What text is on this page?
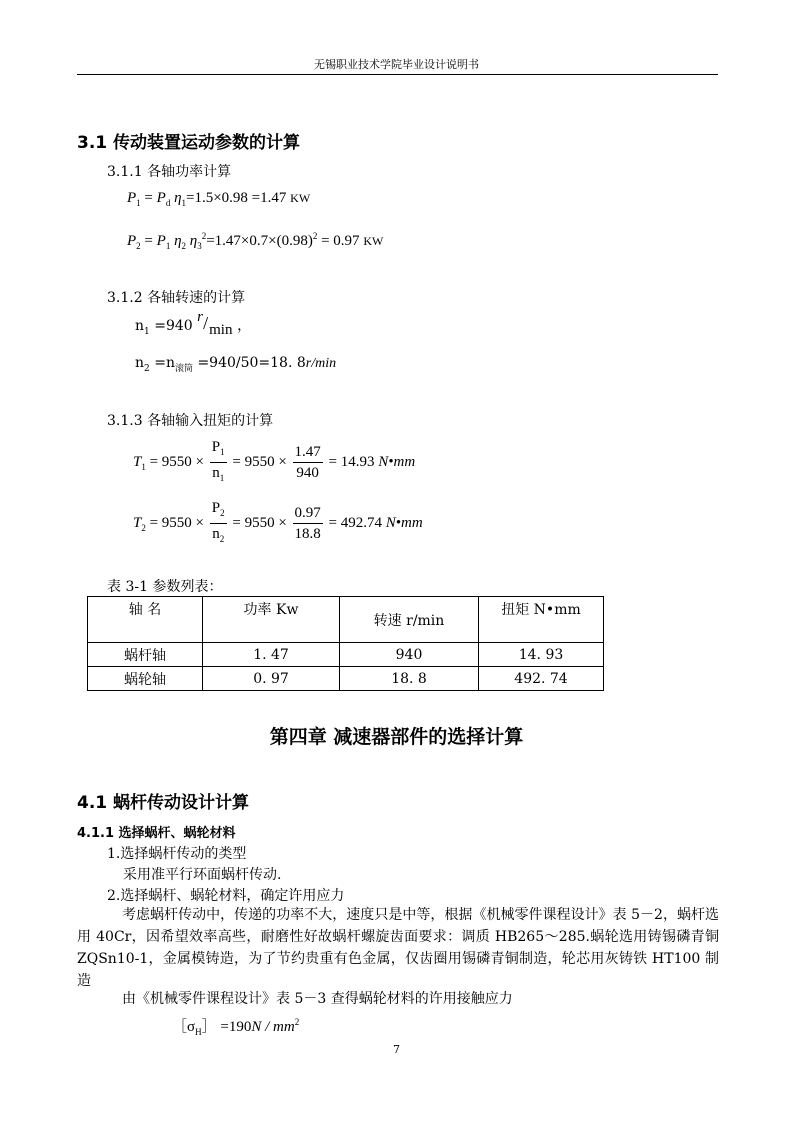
无锡职业技术学院毕业设计说明书
3.1 传动装置运动参数的计算
3.1.1 各轴功率计算
$P_1 = P_d$ $\eta_1=1.5\times 0.98 =1.47$ KW
$P_2 = P_1$ $\eta_2$ $\eta_3^2=1.47\times 0.7\times(0.98)^2 = 0.97$ KW
3.1.2 各轴转速的计算
$n_1 =940$
r / min ，
$n_2 =n_{滚筒} =940/50=18$. 8r/min
3.1.3 各轴输入扭矩的计算
$T_1 = 9550 \times \frac{P_1}{n_1} = 9550 \times \frac{1.47}{940} = 14.93$ N•mm
$T_2 = 9550 \times \frac{P_2}{n_2} = 9550 \times \frac{0.97}{18.8} = 492.74$ N•mm
表 3-1 参数列表：
轴 名	功率 Kw	转速 r/min	扭矩 N•mm
蜗杆轴	1. 47	940	14. 93
蜗轮轴	0. 97	18. 8	492. 74
第四章 减速器部件的选择计算
4.1 蜗杆传动设计计算
4.1.1 选择蜗杆、蜗轮材料
1.选择蜗杆传动的类型
采用准平行环面蜗杆传动.
2.选择蜗杆、蜗轮材料，确定许用应力
考虑蜗杆传动中，传递的功率不大，速度只是中等，根据《机械零件课程设计》表 5－2，蜗杆选用 40Cr，因希望效率高些，耐磨性好故蜗杆螺旋齿面要求：调质 HB265～285.蜗轮选用铸锡磷青铜 ZQSn10-1，金属模铸造，为了节约贵重有色金属，仅齿圈用锡磷青铜制造，轮芯用灰铸铁 HT100 制造
由《机械零件课程设计》表 5－3 查得蜗轮材料的许用接触应力
$[\sigma_H] =190N / mm^2$
7
